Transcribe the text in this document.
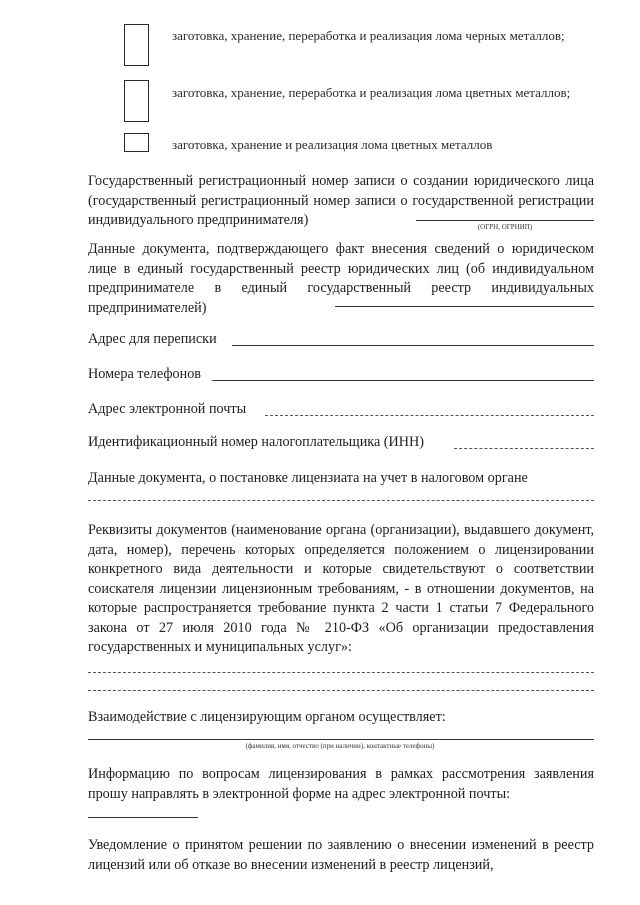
заготовка, хранение, переработка и реализация лома черных металлов;
заготовка, хранение, переработка и реализация лома цветных металлов;
заготовка, хранение и реализация лома цветных металлов
Государственный регистрационный номер записи о создании юридического лица (государственный регистрационный номер записи о государственной регистрации индивидуального предпринимателя)	(ОГРН, ОГРНИП)
Данные документа, подтверждающего факт внесения сведений о юридическом лице в единый государственный реестр юридических лиц (об индивидуальном предпринимателе в единый государственный реестр индивидуальных предпринимателей)
Адрес для переписки
Номера телефонов
Адрес электронной почты
Идентификационный номер налогоплательщика (ИНН)
Данные документа, о постановке лицензиата на учет в налоговом органе
Реквизиты документов (наименование органа (организации), выдавшего документ, дата, номер), перечень которых определяется положением о лицензировании конкретного вида деятельности и которые свидетельствуют о соответствии соискателя лицензии лицензионным требованиям, - в отношении документов, на которые распространяется требование пункта 2 части 1 статьи 7 Федерального закона от 27 июля 2010 года № 210-ФЗ «Об организации предоставления государственных и муниципальных услуг»:
Взаимодействие с лицензирующим органом осуществляет:
(фамилия, имя, отчество (при наличии), контактные телефоны)
Информацию по вопросам лицензирования в рамках рассмотрения заявления прошу направлять в электронной форме на адрес электронной почты:
Уведомление о принятом решении по заявлению о внесении изменений в реестр лицензий или об отказе во внесении изменений в реестр лицензий,
